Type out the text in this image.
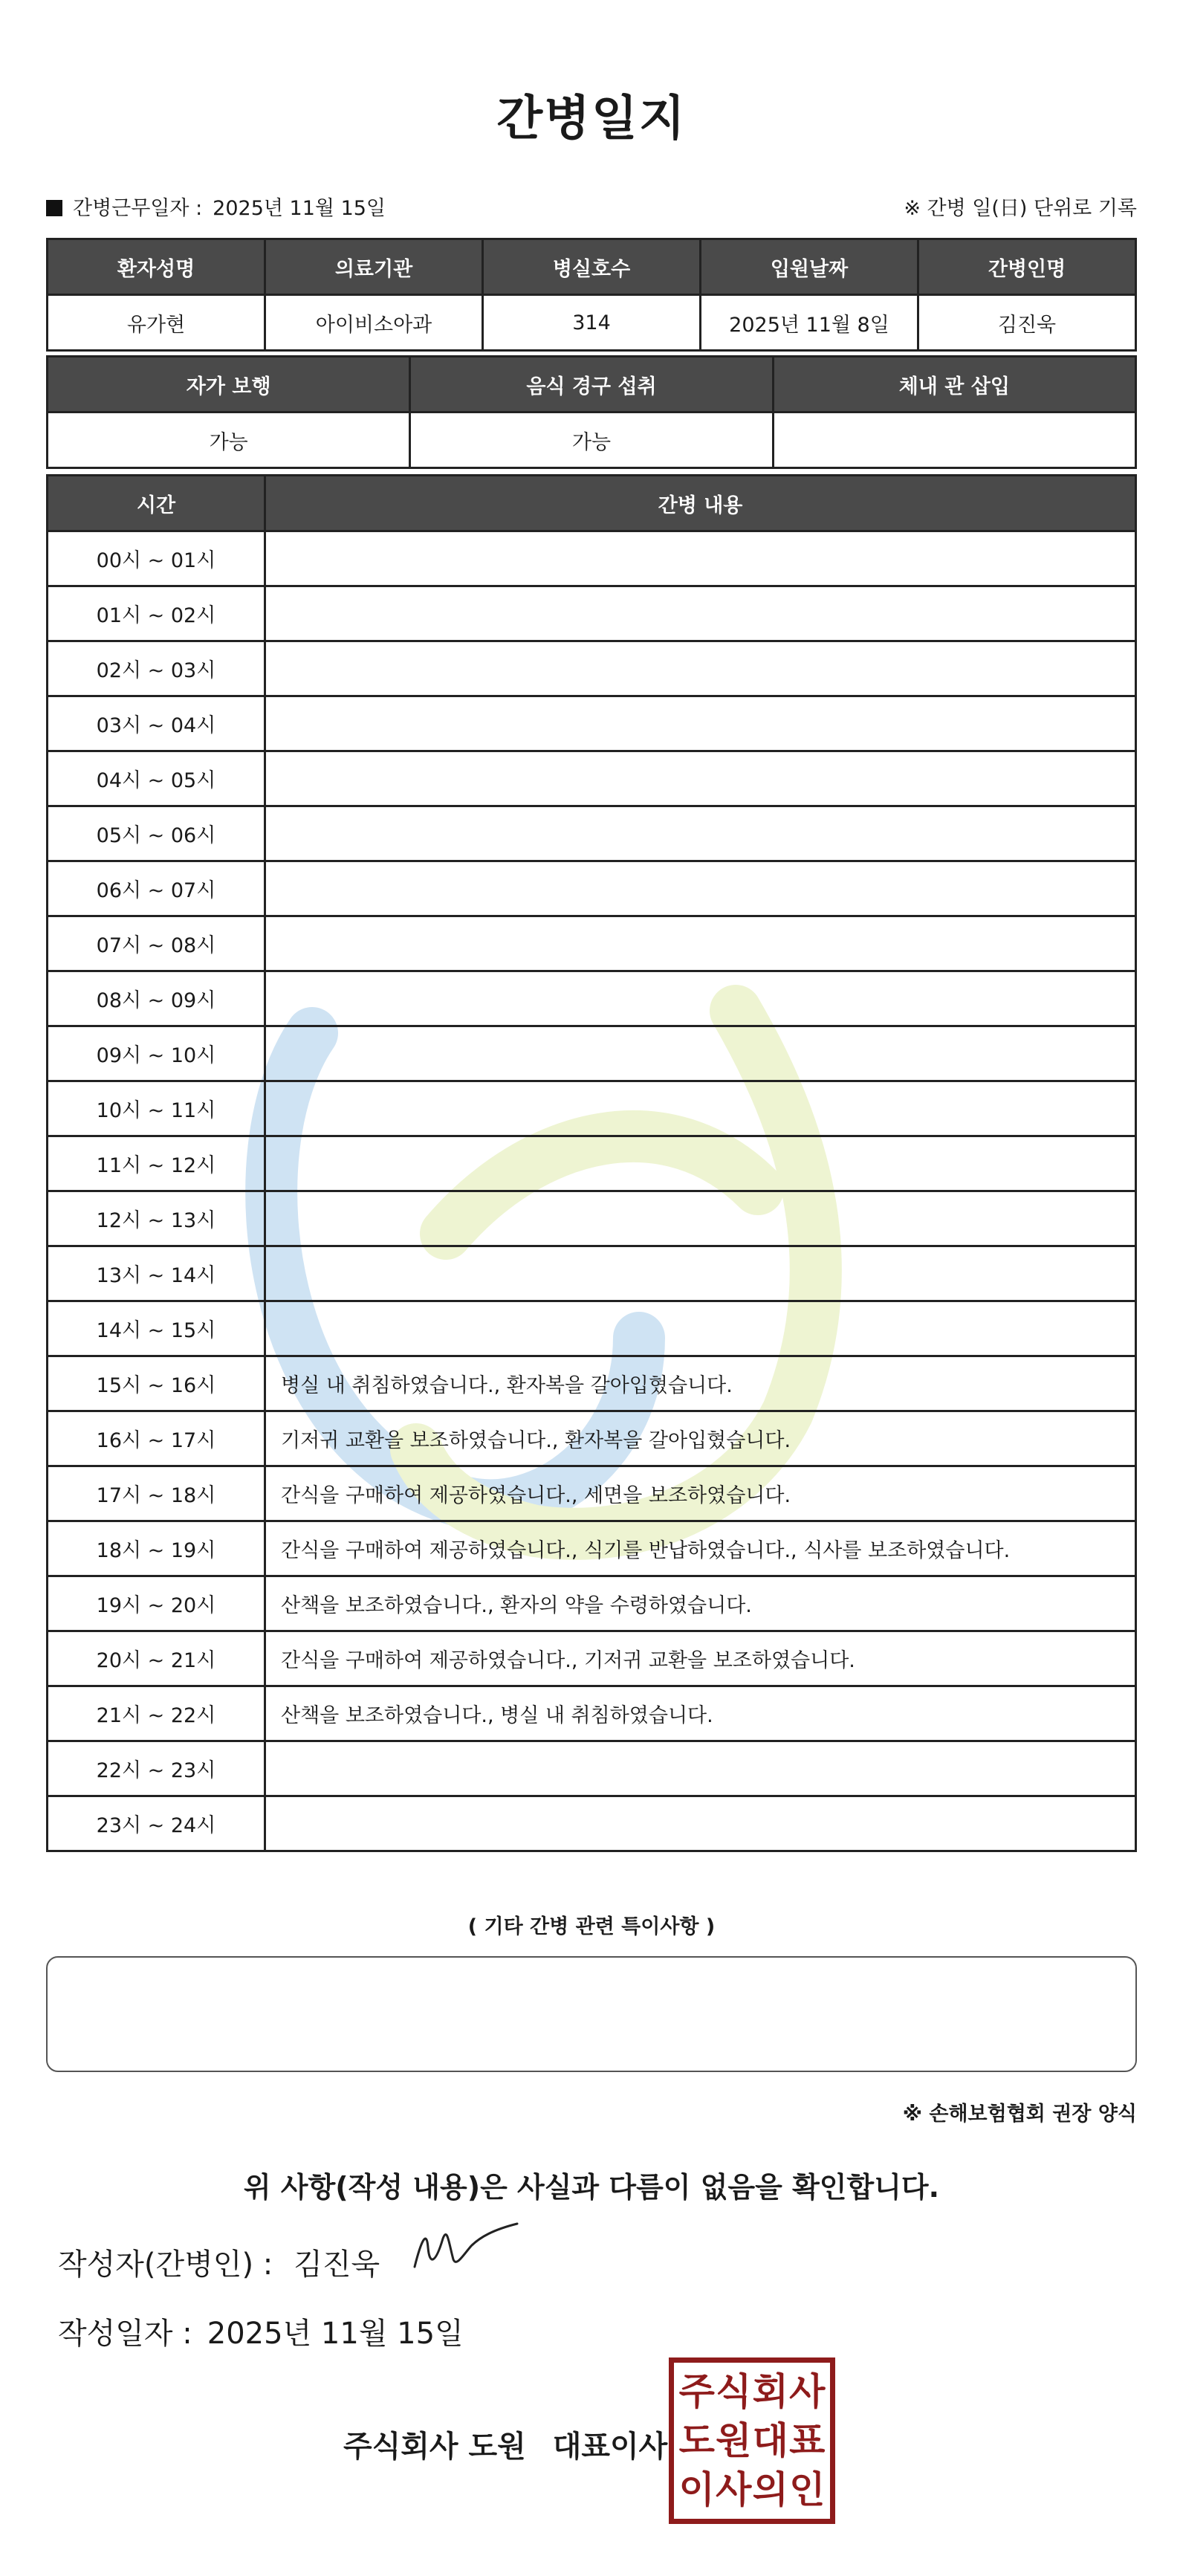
간병일지
간병근무일자 : 2025년 11월 15일	※ 간병 일(日) 단위로 기록
환자성명	의료기관	병실호수	입원날짜	간병인명
유가현	아이비소아과	314	2025년 11월 8일	김진욱
자가 보행	음식 경구 섭취	체내 관 삽입
가능	가능	
시간	간병 내용
00시 ~ 01시	
01시 ~ 02시	
02시 ~ 03시	
03시 ~ 04시	
04시 ~ 05시	
05시 ~ 06시	
06시 ~ 07시	
07시 ~ 08시	
08시 ~ 09시	
09시 ~ 10시	
10시 ~ 11시	
11시 ~ 12시	
12시 ~ 13시	
13시 ~ 14시	
14시 ~ 15시	
15시 ~ 16시	병실 내 취침하였습니다., 환자복을 갈아입혔습니다.
16시 ~ 17시	기저귀 교환을 보조하였습니다., 환자복을 갈아입혔습니다.
17시 ~ 18시	간식을 구매하여 제공하였습니다., 세면을 보조하였습니다.
18시 ~ 19시	간식을 구매하여 제공하였습니다., 식기를 반납하였습니다., 식사를 보조하였습니다.
19시 ~ 20시	산책을 보조하였습니다., 환자의 약을 수령하였습니다.
20시 ~ 21시	간식을 구매하여 제공하였습니다., 기저귀 교환을 보조하였습니다.
21시 ~ 22시	산책을 보조하였습니다., 병실 내 취침하였습니다.
22시 ~ 23시	
23시 ~ 24시	
( 기타 간병 관련 특이사항 )
※ 손해보험협회 권장 양식
위 사항(작성 내용)은 사실과 다름이 없음을 확인합니다.
작성자(간병인) : 김진욱
작성일자 : 2025년 11월 15일
주식회사 도원 대표이사
주 식 회 사
도 원 대 표
이 사 의 인
